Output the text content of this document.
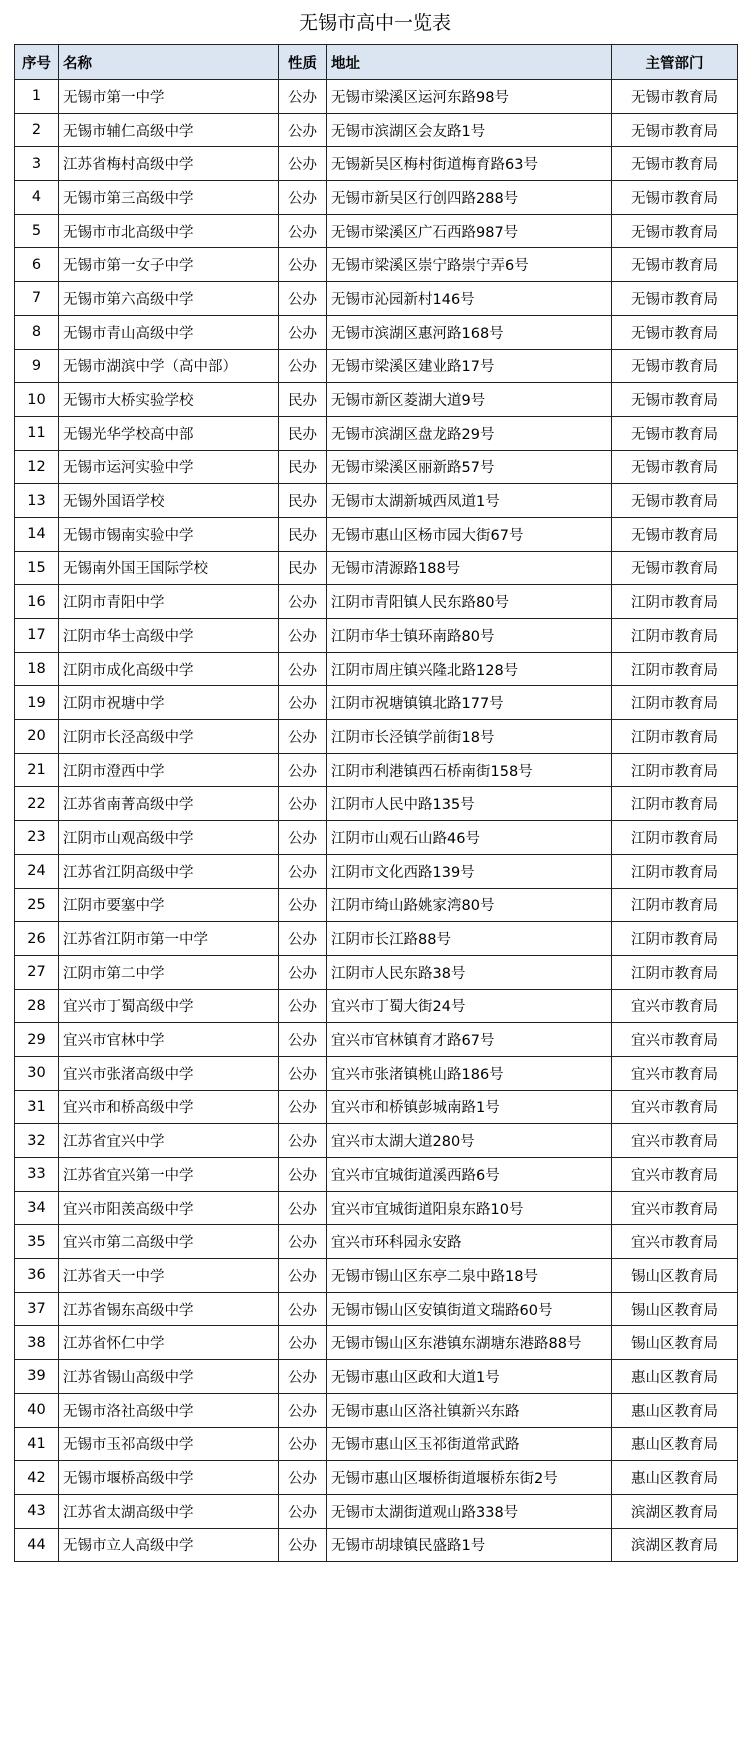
无锡市高中一览表
序号	名称	性质	地址	主管部门
1	无锡市第一中学	公办	无锡市梁溪区运河东路98号	无锡市教育局
2	无锡市辅仁高级中学	公办	无锡市滨湖区会友路1号	无锡市教育局
3	江苏省梅村高级中学	公办	无锡新吴区梅村街道梅育路63号	无锡市教育局
4	无锡市第三高级中学	公办	无锡市新吴区行创四路288号	无锡市教育局
5	无锡市市北高级中学	公办	无锡市梁溪区广石西路987号	无锡市教育局
6	无锡市第一女子中学	公办	无锡市梁溪区崇宁路崇宁弄6号	无锡市教育局
7	无锡市第六高级中学	公办	无锡市沁园新村146号	无锡市教育局
8	无锡市青山高级中学	公办	无锡市滨湖区惠河路168号	无锡市教育局
9	无锡市湖滨中学（高中部）	公办	无锡市梁溪区建业路17号	无锡市教育局
10	无锡市大桥实验学校	民办	无锡市新区菱湖大道9号	无锡市教育局
11	无锡光华学校高中部	民办	无锡市滨湖区盘龙路29号	无锡市教育局
12	无锡市运河实验中学	民办	无锡市梁溪区丽新路57号	无锡市教育局
13	无锡外国语学校	民办	无锡市太湖新城西凤道1号	无锡市教育局
14	无锡市锡南实验中学	民办	无锡市惠山区杨市园大街67号	无锡市教育局
15	无锡南外国王国际学校	民办	无锡市清源路188号	无锡市教育局
16	江阴市青阳中学	公办	江阴市青阳镇人民东路80号	江阴市教育局
17	江阴市华士高级中学	公办	江阴市华士镇环南路80号	江阴市教育局
18	江阴市成化高级中学	公办	江阴市周庄镇兴隆北路128号	江阴市教育局
19	江阴市祝塘中学	公办	江阴市祝塘镇镇北路177号	江阴市教育局
20	江阴市长泾高级中学	公办	江阴市长泾镇学前街18号	江阴市教育局
21	江阴市澄西中学	公办	江阴市利港镇西石桥南街158号	江阴市教育局
22	江苏省南菁高级中学	公办	江阴市人民中路135号	江阴市教育局
23	江阴市山观高级中学	公办	江阴市山观石山路46号	江阴市教育局
24	江苏省江阴高级中学	公办	江阴市文化西路139号	江阴市教育局
25	江阴市要塞中学	公办	江阴市绮山路姚家湾80号	江阴市教育局
26	江苏省江阴市第一中学	公办	江阴市长江路88号	江阴市教育局
27	江阴市第二中学	公办	江阴市人民东路38号	江阴市教育局
28	宜兴市丁蜀高级中学	公办	宜兴市丁蜀大街24号	宜兴市教育局
29	宜兴市官林中学	公办	宜兴市官林镇育才路67号	宜兴市教育局
30	宜兴市张渚高级中学	公办	宜兴市张渚镇桃山路186号	宜兴市教育局
31	宜兴市和桥高级中学	公办	宜兴市和桥镇彭城南路1号	宜兴市教育局
32	江苏省宜兴中学	公办	宜兴市太湖大道280号	宜兴市教育局
33	江苏省宜兴第一中学	公办	宜兴市宜城街道溪西路6号	宜兴市教育局
34	宜兴市阳羡高级中学	公办	宜兴市宜城街道阳泉东路10号	宜兴市教育局
35	宜兴市第二高级中学	公办	宜兴市环科园永安路	宜兴市教育局
36	江苏省天一中学	公办	无锡市锡山区东亭二泉中路18号	锡山区教育局
37	江苏省锡东高级中学	公办	无锡市锡山区安镇街道文瑞路60号	锡山区教育局
38	江苏省怀仁中学	公办	无锡市锡山区东港镇东湖塘东港路88号	锡山区教育局
39	江苏省锡山高级中学	公办	无锡市惠山区政和大道1号	惠山区教育局
40	无锡市洛社高级中学	公办	无锡市惠山区洛社镇新兴东路	惠山区教育局
41	无锡市玉祁高级中学	公办	无锡市惠山区玉祁街道常武路	惠山区教育局
42	无锡市堰桥高级中学	公办	无锡市惠山区堰桥街道堰桥东街2号	惠山区教育局
43	江苏省太湖高级中学	公办	无锡市太湖街道观山路338号	滨湖区教育局
44	无锡市立人高级中学	公办	无锡市胡埭镇民盛路1号	滨湖区教育局
